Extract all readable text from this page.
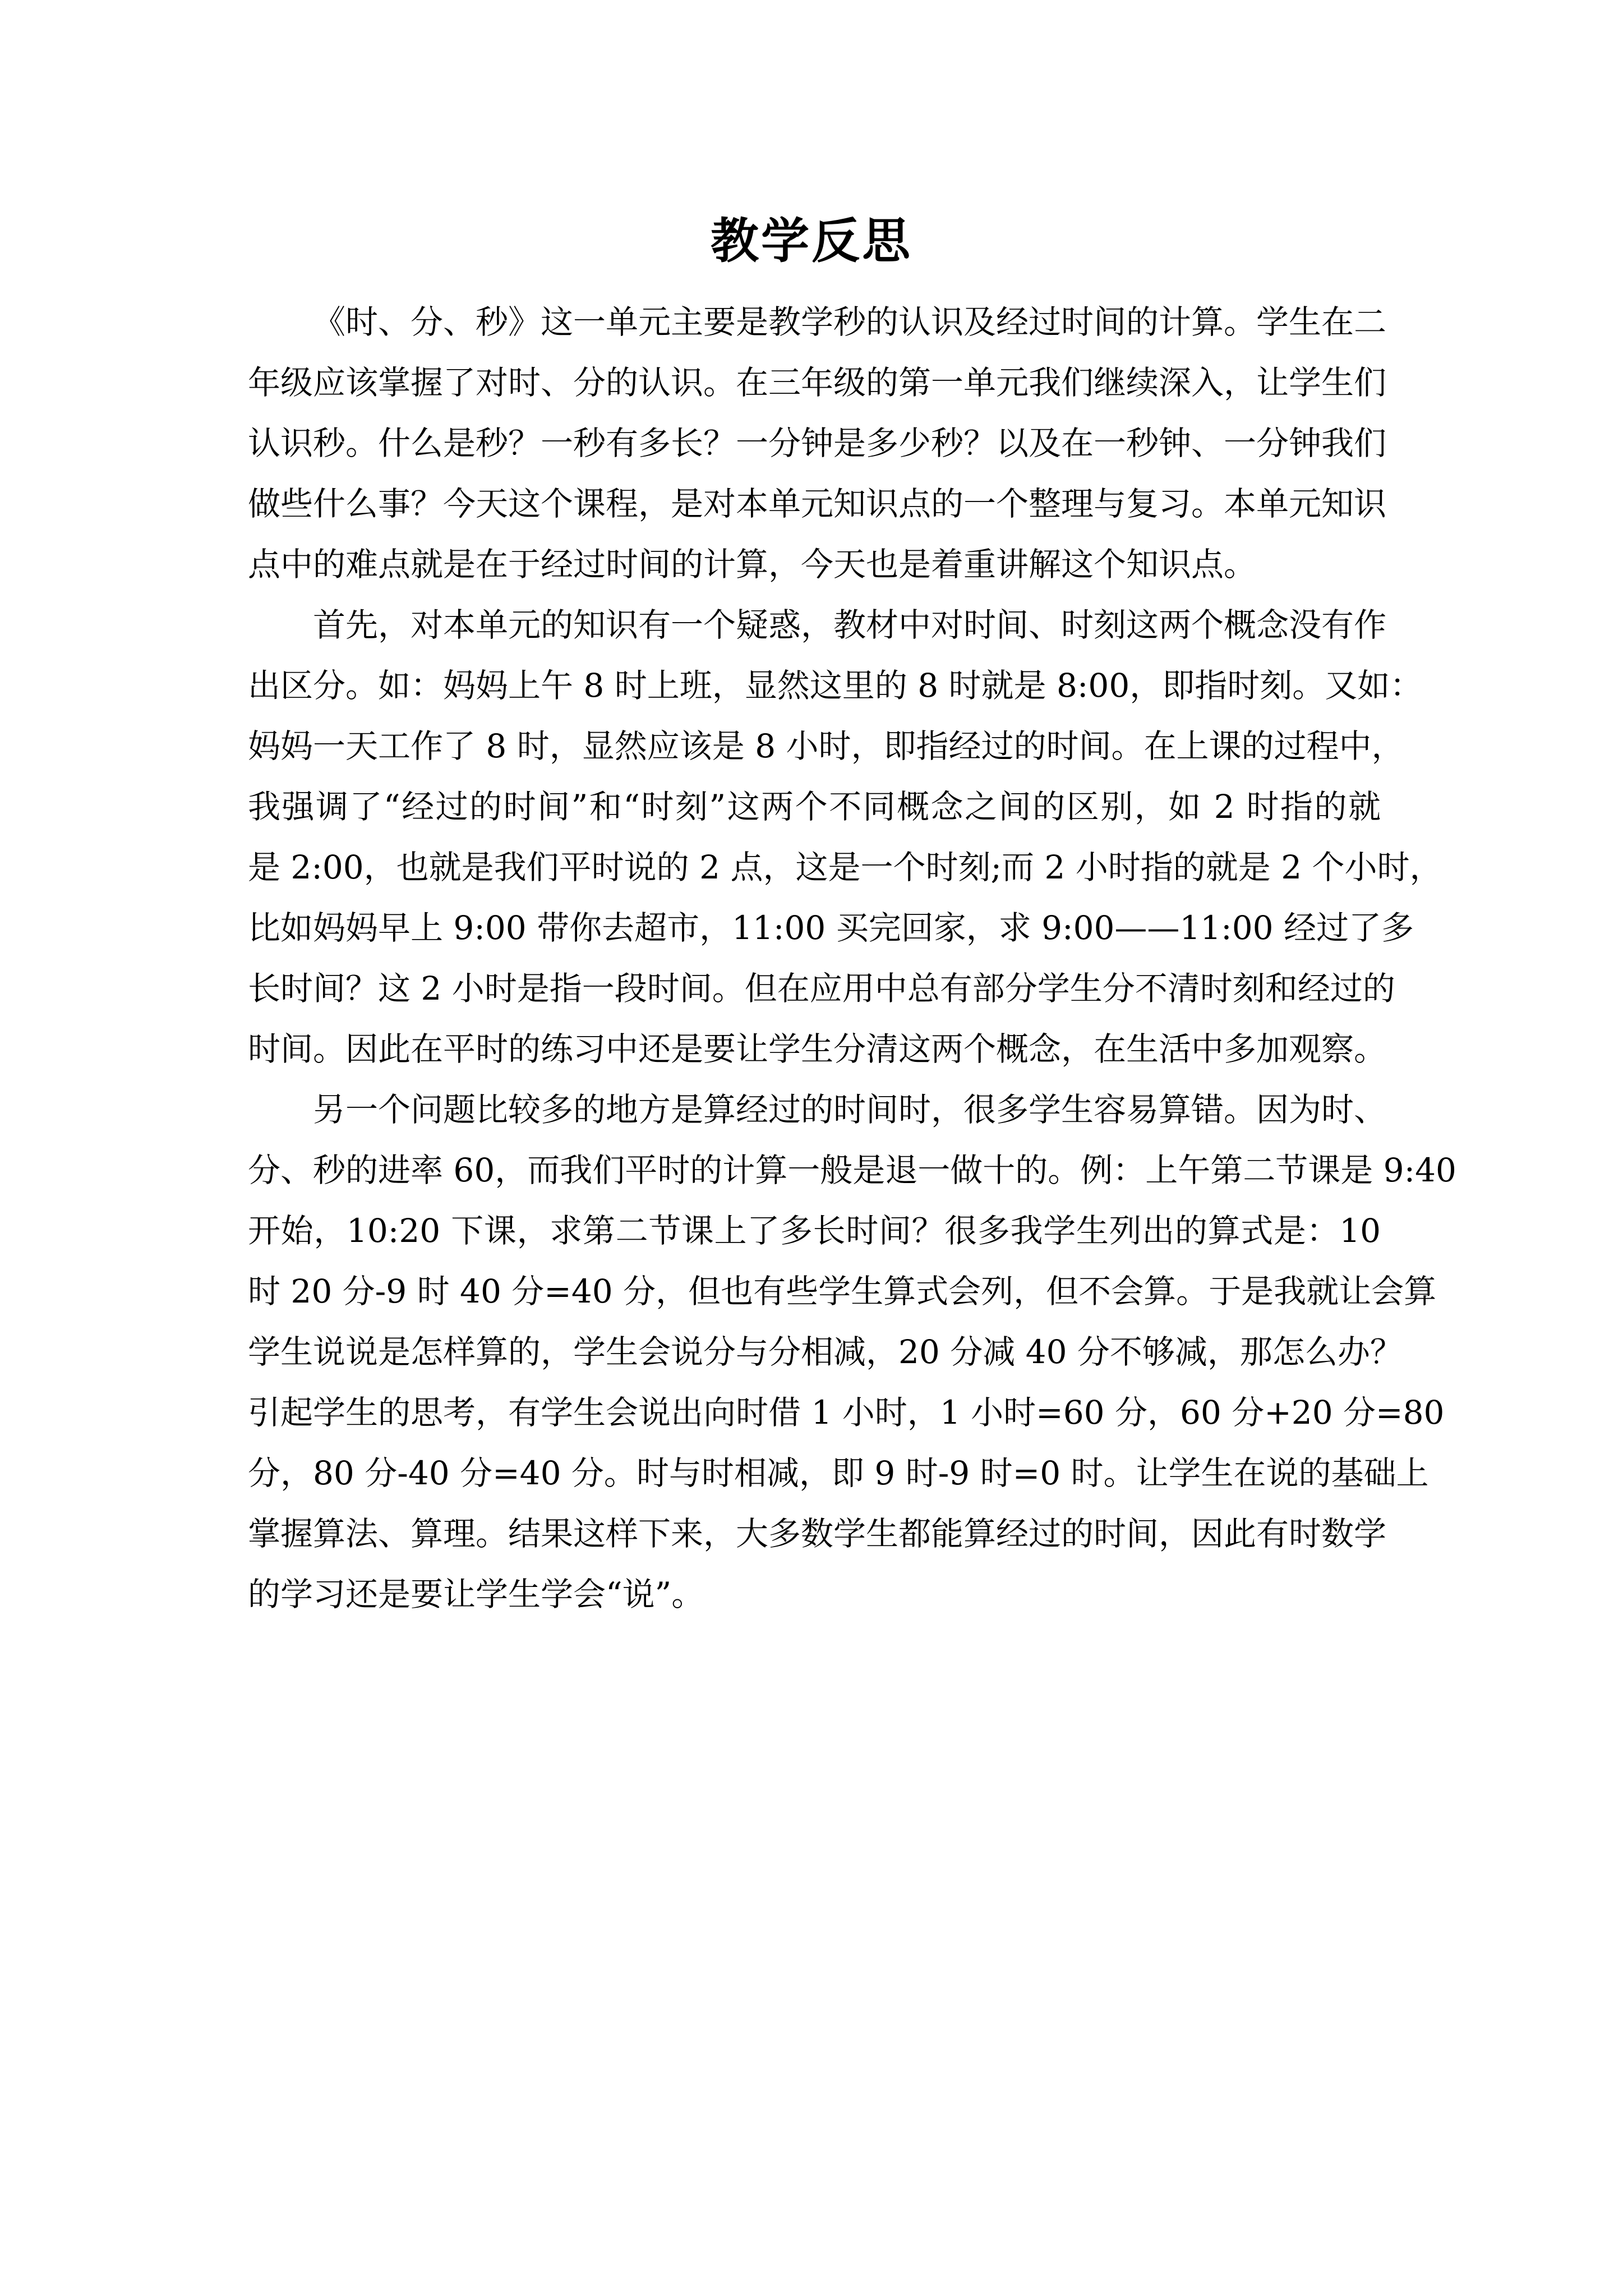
教学反思
《时、分、秒》这一单元主要是教学秒的认识及经过时间的计算。学生在二
年级应该掌握了对时、分的认识。在三年级的第一单元我们继续深入，让学生们
认识秒。什么是秒？一秒有多长？一分钟是多少秒？以及在一秒钟、一分钟我们
做些什么事？今天这个课程，是对本单元知识点的一个整理与复习。本单元知识
点中的难点就是在于经过时间的计算，今天也是着重讲解这个知识点。
首先，对本单元的知识有一个疑惑，教材中对时间、时刻这两个概念没有作
出区分。如：妈妈上午 8 时上班，显然这里的 8 时就是 8:00，即指时刻。又如：
妈妈一天工作了 8 时，显然应该是 8 小时，即指经过的时间。在上课的过程中，
我强调了“经过的时间”和“时刻”这两个不同概念之间的区别，如 2 时指的就
是 2:00，也就是我们平时说的 2 点，这是一个时刻;而 2 小时指的就是 2 个小时，
比如妈妈早上 9:00 带你去超市，11:00 买完回家，求 9:00——11:00 经过了多
长时间？这 2 小时是指一段时间。但在应用中总有部分学生分不清时刻和经过的
时间。因此在平时的练习中还是要让学生分清这两个概念，在生活中多加观察。
另一个问题比较多的地方是算经过的时间时，很多学生容易算错。因为时、
分、秒的进率 60，而我们平时的计算一般是退一做十的。例：上午第二节课是 9:40
开始，10:20 下课，求第二节课上了多长时间？很多我学生列出的算式是：10
时 20 分-9 时 40 分=40 分，但也有些学生算式会列，但不会算。于是我就让会算
学生说说是怎样算的，学生会说分与分相减，20 分减 40 分不够减，那怎么办？
引起学生的思考，有学生会说出向时借 1 小时，1 小时=60 分，60 分+20 分=80
分，80 分-40 分=40 分。时与时相减，即 9 时-9 时=0 时。让学生在说的基础上
掌握算法、算理。结果这样下来，大多数学生都能算经过的时间，因此有时数学
的学习还是要让学生学会“说”。
